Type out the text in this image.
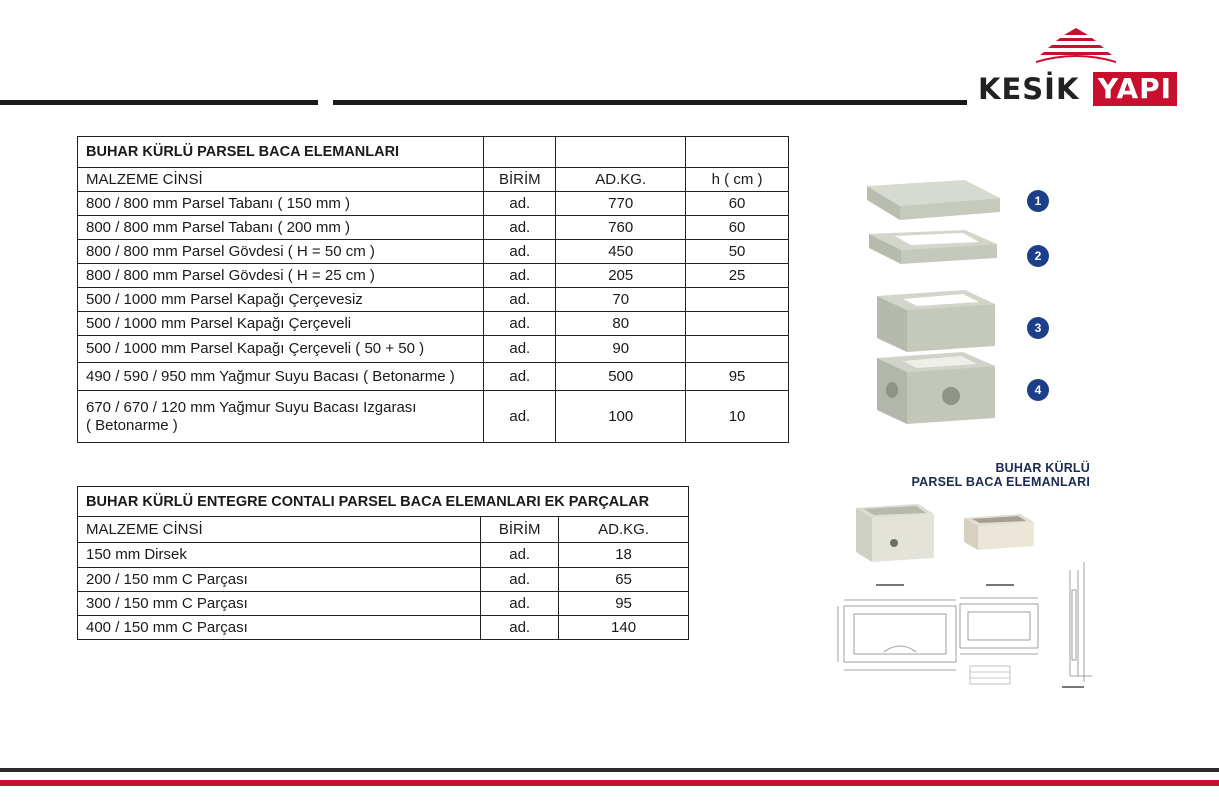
KESİK YAPI
BUHAR KÜRLÜ PARSEL BACA ELEMANLARI			
MALZEME CİNSİ	BİRİM	AD.KG.	h ( cm )
800 / 800 mm Parsel Tabanı ( 150 mm )	ad.	770	60
800 / 800 mm Parsel Tabanı ( 200 mm )	ad.	760	60
800 / 800 mm Parsel Gövdesi ( H = 50 cm )	ad.	450	50
800 / 800 mm Parsel Gövdesi ( H = 25 cm )	ad.	205	25
500 / 1000 mm Parsel Kapağı Çerçevesiz	ad.	70	
500 / 1000 mm Parsel Kapağı Çerçeveli	ad.	80	
500 / 1000 mm Parsel Kapağı Çerçeveli ( 50 + 50 )	ad.	90	
490 / 590 / 950 mm Yağmur Suyu Bacası ( Betonarme )	ad.	500	95

670 / 670 / 120 mm Yağmur Suyu Bacası Izgarası
( Betonarme )	ad.	100	10
BUHAR KÜRLÜ ENTEGRE CONTALI PARSEL BACA ELEMANLARI EK PARÇALAR		
MALZEME CİNSİ	BİRİM	AD.KG.
150 mm Dirsek	ad.	18
200 / 150 mm C Parçası	ad.	65
300 / 150 mm C Parçası	ad.	95
400 / 150 mm C Parçası	ad.	140
1
2
3
4
BUHAR KÜRLÜ
PARSEL BACA ELEMANLARI
